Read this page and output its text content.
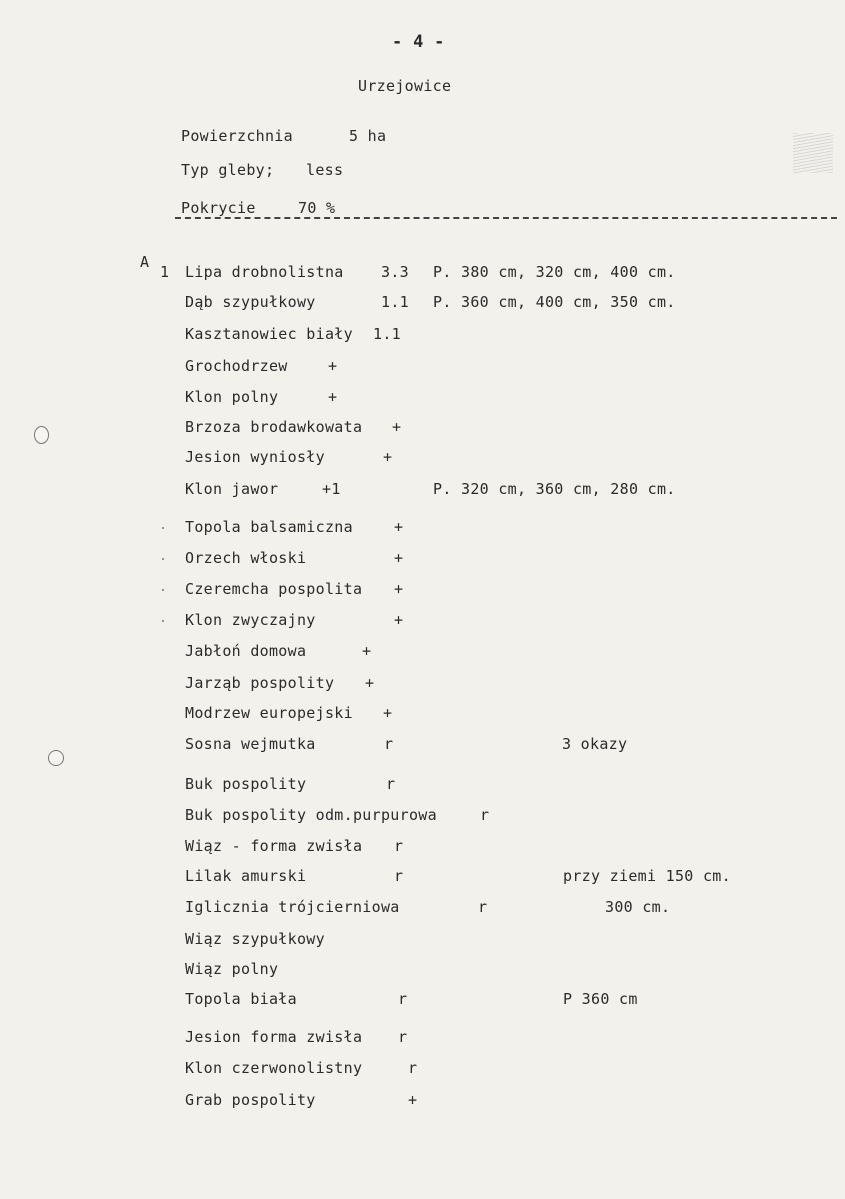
- 4 -
Urzejowice
Powierzchnia	5 ha
Typ gleby; less
Pokrycie	70 %
A
1 Lipa drobnolistna 3.3 P. 380 cm, 320 cm, 400 cm.
Dąb szypułkowy	1.1 P. 360 cm, 400 cm, 350 cm.
Kasztanowiec biały 1.1
Grochodrzew	+
Klon polny	+
Brzoza brodawkowata +
Jesion wyniosły	+
Klon jawor	+1	P. 320 cm, 360 cm, 280 cm.
Topola balsamiczna	+
Orzech włoski	+
Czeremcha pospolita +
Klon zwyczajny	+
Jabłoń domowa	+
Jarząb pospolity +
Modrzew europejski +
Sosna wejmutka	r	3 okazy
Buk pospolity	r
Buk pospolity odm.purpurowa	r
Wiąz - forma zwisła r
Lilak amurski	r	przy ziemi 150 cm.
Iglicznia trójcierniowa	r	300 cm.
Wiąz szypułkowy
Wiąz polny
Topola biała	r	P 360 cm
Jesion forma zwisła r
Klon czerwonolistny	r
Grab pospolity	+
